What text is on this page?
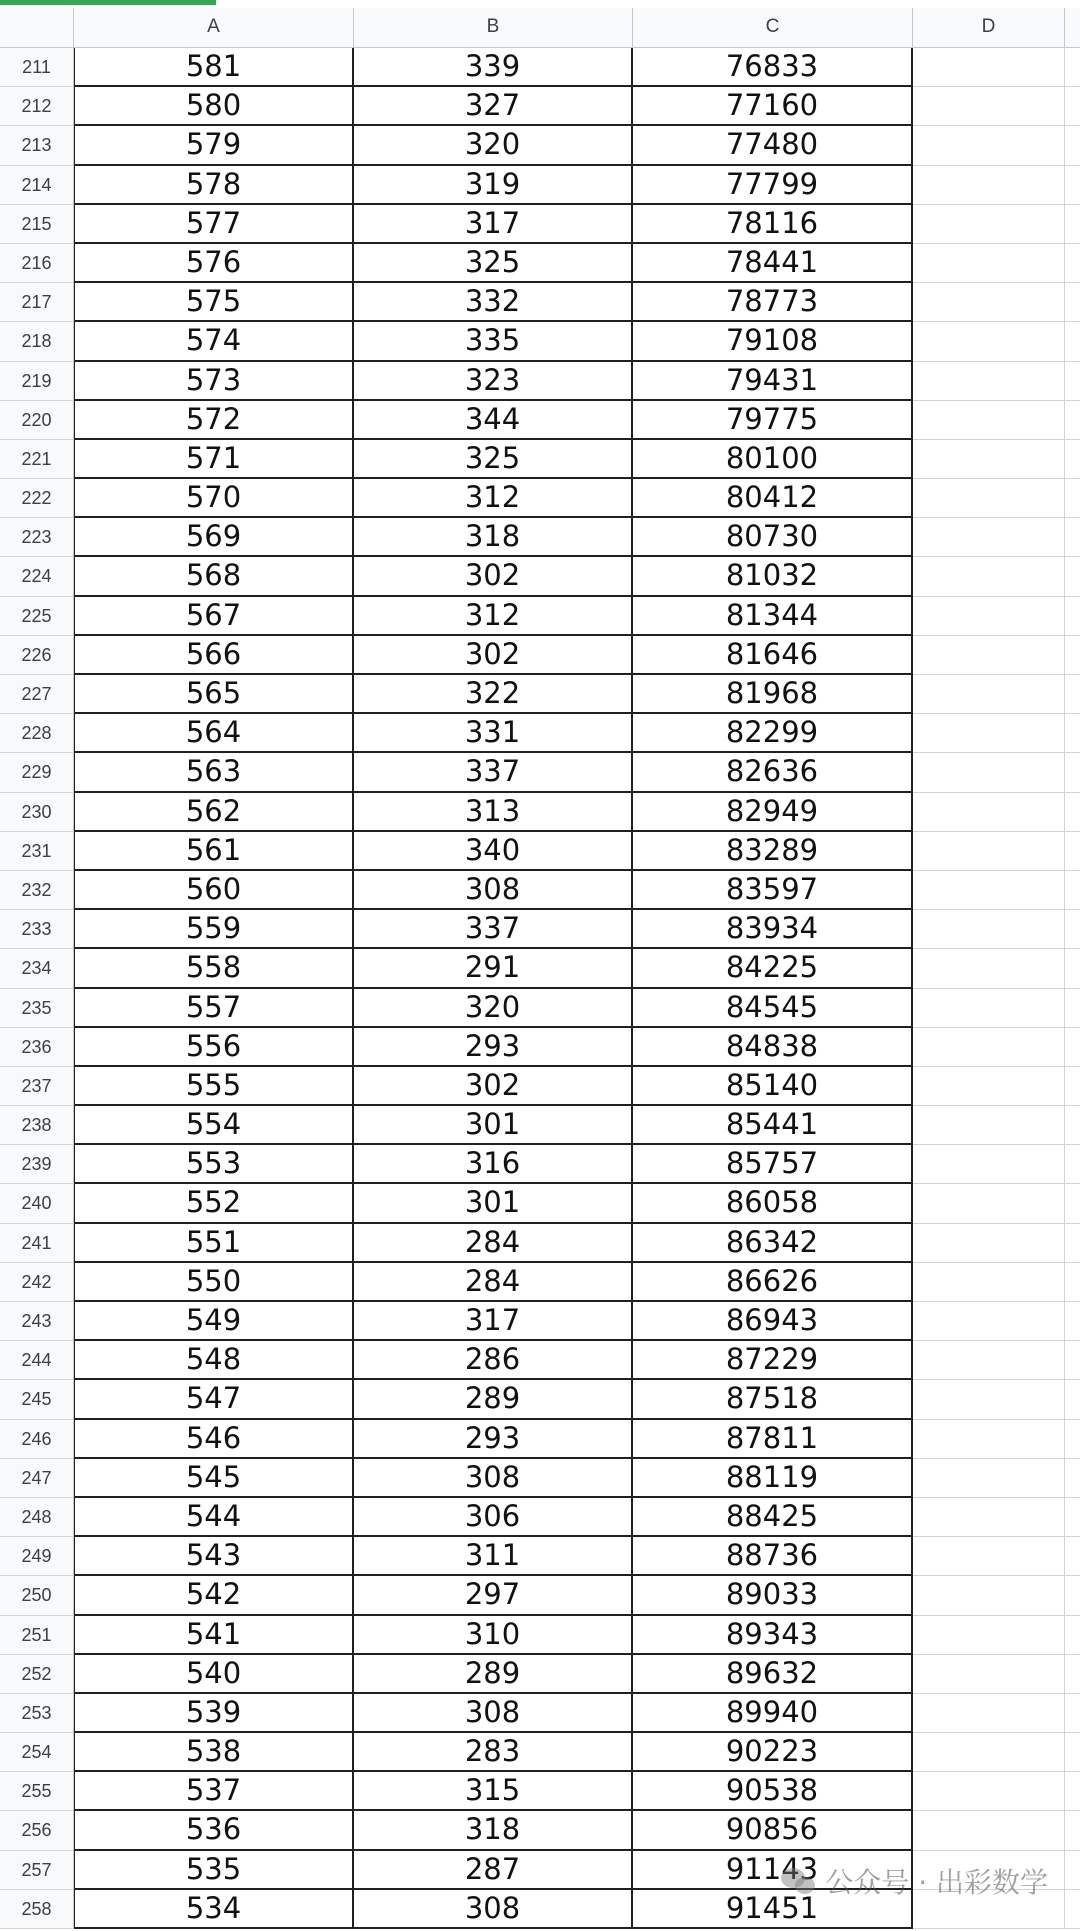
A	B	C	D
211	581	339	76833
212	580	327	77160
213	579	320	77480
214	578	319	77799
215	577	317	78116
216	576	325	78441
217	575	332	78773
218	574	335	79108
219	573	323	79431
220	572	344	79775
221	571	325	80100
222	570	312	80412
223	569	318	80730
224	568	302	81032
225	567	312	81344
226	566	302	81646
227	565	322	81968
228	564	331	82299
229	563	337	82636
230	562	313	82949
231	561	340	83289
232	560	308	83597
233	559	337	83934
234	558	291	84225
235	557	320	84545
236	556	293	84838
237	555	302	85140
238	554	301	85441
239	553	316	85757
240	552	301	86058
241	551	284	86342
242	550	284	86626
243	549	317	86943
244	548	286	87229
245	547	289	87518
246	546	293	87811
247	545	308	88119
248	544	306	88425
249	543	311	88736
250	542	297	89033
251	541	310	89343
252	540	289	89632
253	539	308	89940
254	538	283	90223
255	537	315	90538
256	536	318	90856
257	535	287	91143
258	534	308	91451
公众号 · 出彩数学
